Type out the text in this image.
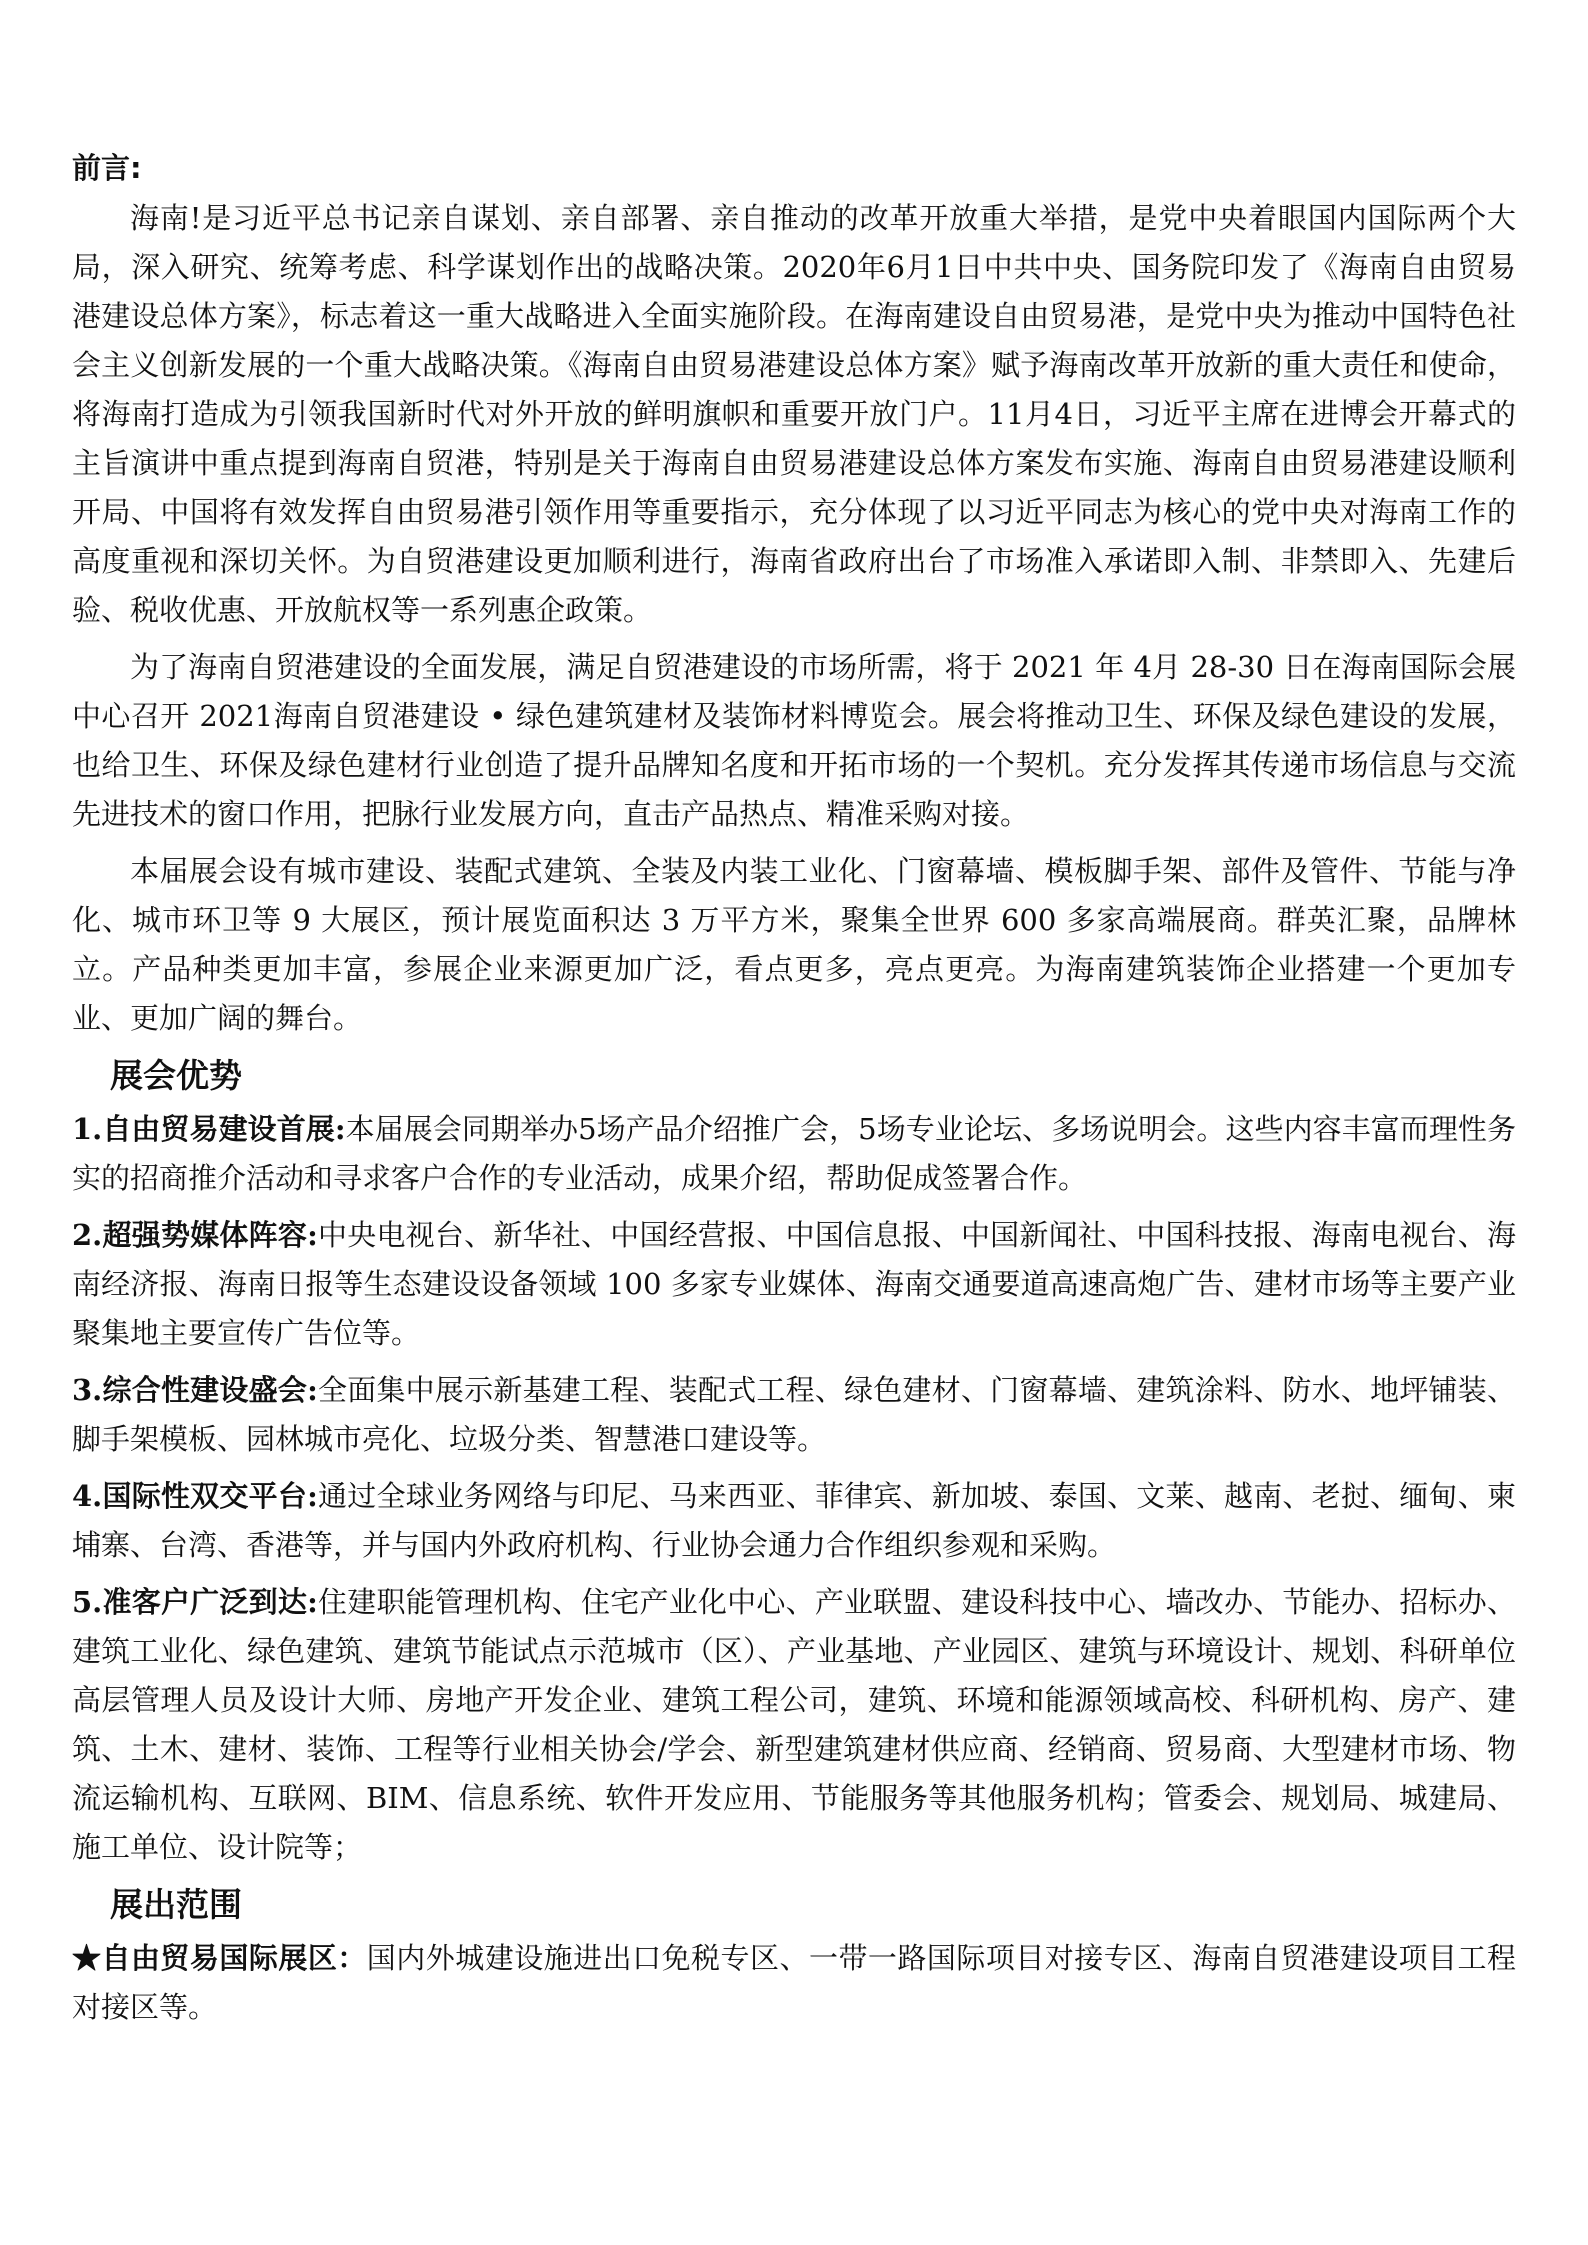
前言:

海南!是习近平总书记亲自谋划、亲自部署、亲自推动的改革开放重大举措，是党中央着眼国内国际两个大局，深入研究、统筹考虑、科学谋划作出的战略决策。2020年6月1日中共中央、国务院印发了《海南自由贸易港建设总体方案》，标志着这一重大战略进入全面实施阶段。在海南建设自由贸易港，是党中央为推动中国特色社会主义创新发展的一个重大战略决策。《海南自由贸易港建设总体方案》赋予海南改革开放新的重大责任和使命，将海南打造成为引领我国新时代对外开放的鲜明旗帜和重要开放门户。11月4日，习近平主席在进博会开幕式的主旨演讲中重点提到海南自贸港，特别是关于海南自由贸易港建设总体方案发布实施、海南自由贸易港建设顺利开局、中国将有效发挥自由贸易港引领作用等重要指示，充分体现了以习近平同志为核心的党中央对海南工作的高度重视和深切关怀。为自贸港建设更加顺利进行，海南省政府出台了市场准入承诺即入制、非禁即入、先建后验、税收优惠、开放航权等一系列惠企政策。

为了海南自贸港建设的全面发展，满足自贸港建设的市场所需，将于 2021 年 4月 28-30 日在海南国际会展中心召开 2021海南自贸港建设 • 绿色建筑建材及装饰材料博览会。展会将推动卫生、环保及绿色建设的发展，也给卫生、环保及绿色建材行业创造了提升品牌知名度和开拓市场的一个契机。充分发挥其传递市场信息与交流先进技术的窗口作用，把脉行业发展方向，直击产品热点、精准采购对接。

本届展会设有城市建设、装配式建筑、全装及内装工业化、门窗幕墙、模板脚手架、部件及管件、节能与净化、城市环卫等 9 大展区，预计展览面积达 3 万平方米，聚集全世界 600 多家高端展商。群英汇聚，品牌林立。产品种类更加丰富，参展企业来源更加广泛，看点更多，亮点更亮。为海南建筑装饰企业搭建一个更加专业、更加广阔的舞台。

展会优势

1.自由贸易建设首展:本届展会同期举办5场产品介绍推广会，5场专业论坛、多场说明会。这些内容丰富而理性务实的招商推介活动和寻求客户合作的专业活动，成果介绍，帮助促成签署合作。

2.超强势媒体阵容:中央电视台、新华社、中国经营报、中国信息报、中国新闻社、中国科技报、海南电视台、海南经济报、海南日报等生态建设设备领域 100 多家专业媒体、海南交通要道高速高炮广告、建材市场等主要产业聚集地主要宣传广告位等。

3.综合性建设盛会:全面集中展示新基建工程、装配式工程、绿色建材、门窗幕墙、建筑涂料、防水、地坪铺装、脚手架模板、园林城市亮化、垃圾分类、智慧港口建设等。

4.国际性双交平台:通过全球业务网络与印尼、马来西亚、菲律宾、新加坡、泰国、文莱、越南、老挝、缅甸、柬埔寨、台湾、香港等，并与国内外政府机构、行业协会通力合作组织参观和采购。

5.准客户广泛到达:住建职能管理机构、住宅产业化中心、产业联盟、建设科技中心、墙改办、节能办、招标办、建筑工业化、绿色建筑、建筑节能试点示范城市（区）、产业基地、产业园区、建筑与环境设计、规划、科研单位高层管理人员及设计大师、房地产开发企业、建筑工程公司，建筑、环境和能源领域高校、科研机构、房产、建筑、土木、建材、装饰、工程等行业相关协会/学会、新型建筑建材供应商、经销商、贸易商、大型建材市场、物流运输机构、互联网、BIM、信息系统、软件开发应用、节能服务等其他服务机构；管委会、规划局、城建局、施工单位、设计院等；

展出范围

★自由贸易国际展区：国内外城建设施进出口免税专区、一带一路国际项目对接专区、海南自贸港建设项目工程对接区等。
